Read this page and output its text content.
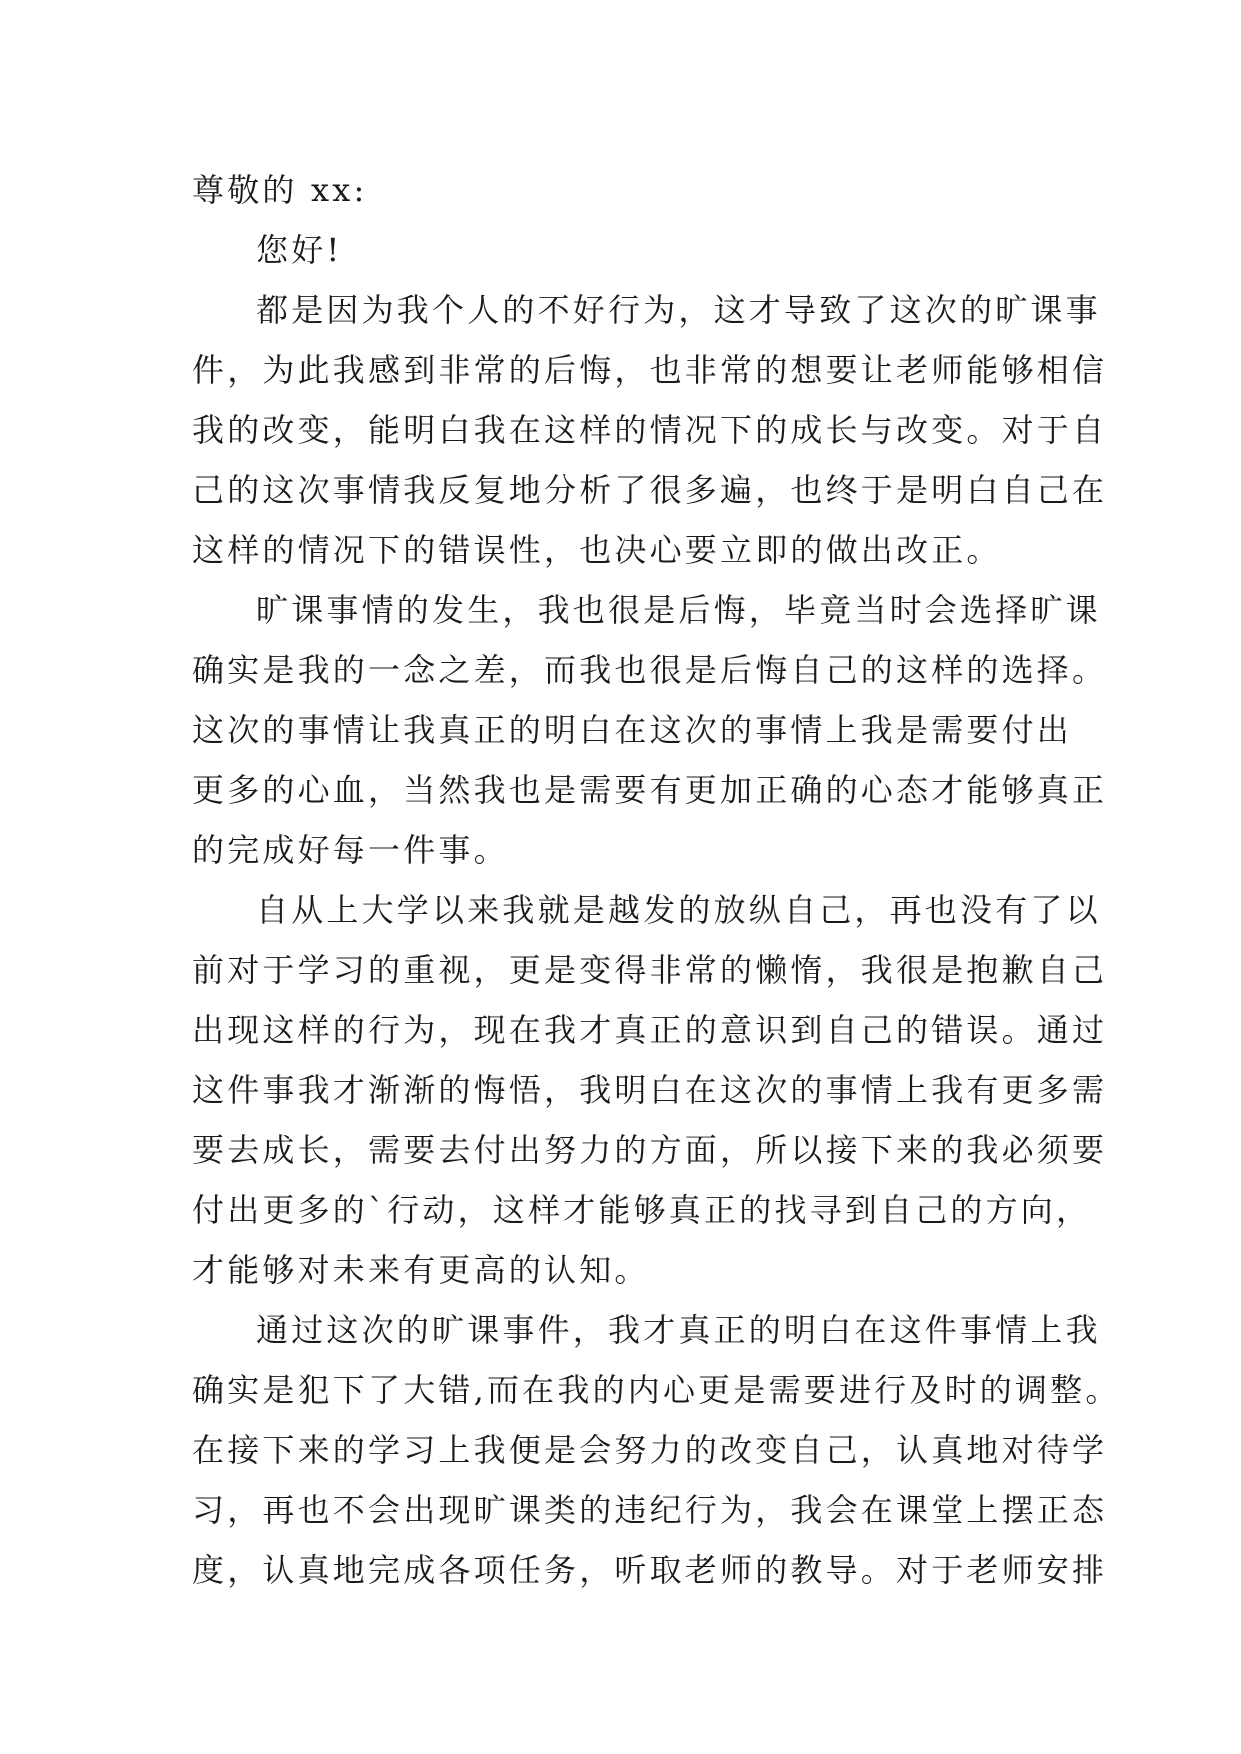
尊敬的 xx:
您好!
都是因为我个人的不好行为，这才导致了这次的旷课事
件，为此我感到非常的后悔，也非常的想要让老师能够相信
我的改变，能明白我在这样的情况下的成长与改变。对于自
己的这次事情我反复地分析了很多遍，也终于是明白自己在
这样的情况下的错误性，也决心要立即的做出改正。
旷课事情的发生，我也很是后悔，毕竟当时会选择旷课
确实是我的一念之差，而我也很是后悔自己的这样的选择。
这次的事情让我真正的明白在这次的事情上我是需要付出
更多的心血，当然我也是需要有更加正确的心态才能够真正
的完成好每一件事。
自从上大学以来我就是越发的放纵自己，再也没有了以
前对于学习的重视，更是变得非常的懒惰，我很是抱歉自己
出现这样的行为，现在我才真正的意识到自己的错误。通过
这件事我才渐渐的悔悟，我明白在这次的事情上我有更多需
要去成长，需要去付出努力的方面，所以接下来的我必须要
付出更多的`行动，这样才能够真正的找寻到自己的方向，
才能够对未来有更高的认知。
通过这次的旷课事件，我才真正的明白在这件事情上我
确实是犯下了大错,而在我的内心更是需要进行及时的调整。
在接下来的学习上我便是会努力的改变自己，认真地对待学
习，再也不会出现旷课类的违纪行为，我会在课堂上摆正态
度，认真地完成各项任务，听取老师的教导。对于老师安排
